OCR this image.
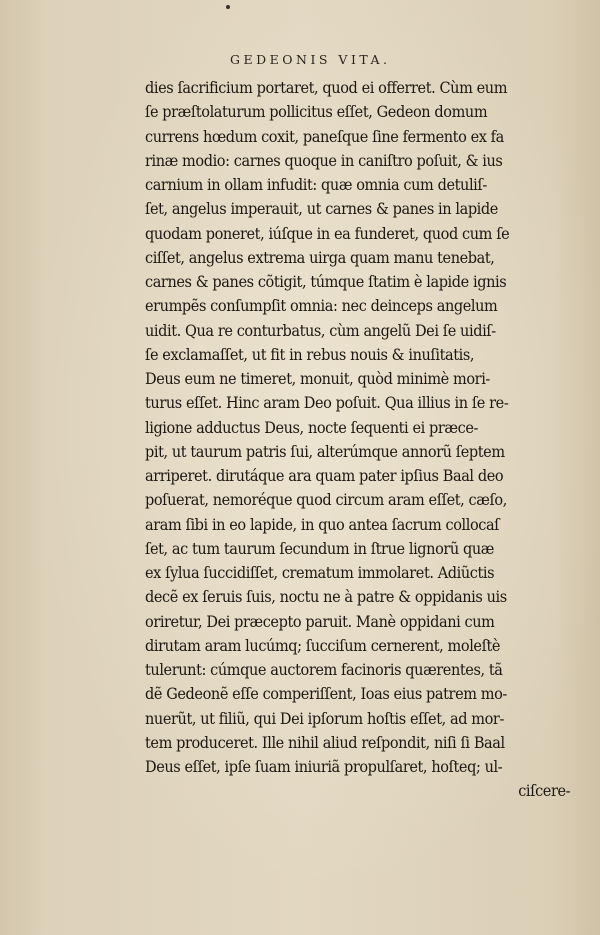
GEDEONIS VITA.
dies ſacrificium portaret, quod ei offerret. Cùm eum
ſe præſtolaturum pollicitus eſſet, Gedeon domum
currens hœdum coxit, paneſque ſine fermento ex fa
rinæ modio: carnes quoque in caniſtro poſuit, & ius
carnium in ollam infudit: quæ omnia cum detuliſ-
ſet, angelus imperauit, ut carnes & panes in lapide
quodam poneret, iúſque in ea funderet, quod cum ſe
ciſſet, angelus extrema uirga quam manu tenebat,
carnes & panes cõtigit, túmque ſtatim è lapide ignis
erumpẽs conſumpſit omnia: nec deinceps angelum
uidit. Qua re conturbatus, cùm angelũ Dei ſe uidiſ-
ſe exclamaſſet, ut fit in rebus nouis & inuſitatis,
Deus eum ne timeret, monuit, quòd minimè mori-
turus eſſet. Hinc aram Deo poſuit. Qua illius in ſe re-
ligione adductus Deus, nocte ſequenti ei præce-
pit, ut taurum patris ſui, alterúmque annorũ ſeptem
arriperet. dirutáque ara quam pater ipſius Baal deo
poſuerat, nemoréque quod circum aram eſſet, cæſo,
aram ſibi in eo lapide, in quo antea ſacrum collocaſ
ſet, ac tum taurum ſecundum in ſtrue lignorũ quæ
ex ſylua ſuccidiſſet, crematum immolaret. Adiũctis
decẽ ex ſeruis ſuis, noctu ne à patre & oppidanis uis
oriretur, Dei præcepto paruit. Manè oppidani cum
dirutam aram lucúmq; ſucciſum cernerent, moleſtè
tulerunt: cúmque auctorem facinoris quærentes, tã
dẽ Gedeonẽ eſſe comperiſſent, Ioas eius patrem mo-
nuerũt, ut filiũ, qui Dei ipſorum hoſtis eſſet, ad mor-
tem produceret. Ille nihil aliud reſpondit, niſi ſi Baal
Deus eſſet, ipſe ſuam iniuriã propulſaret, hoſteq; ul-
ciſcere-
